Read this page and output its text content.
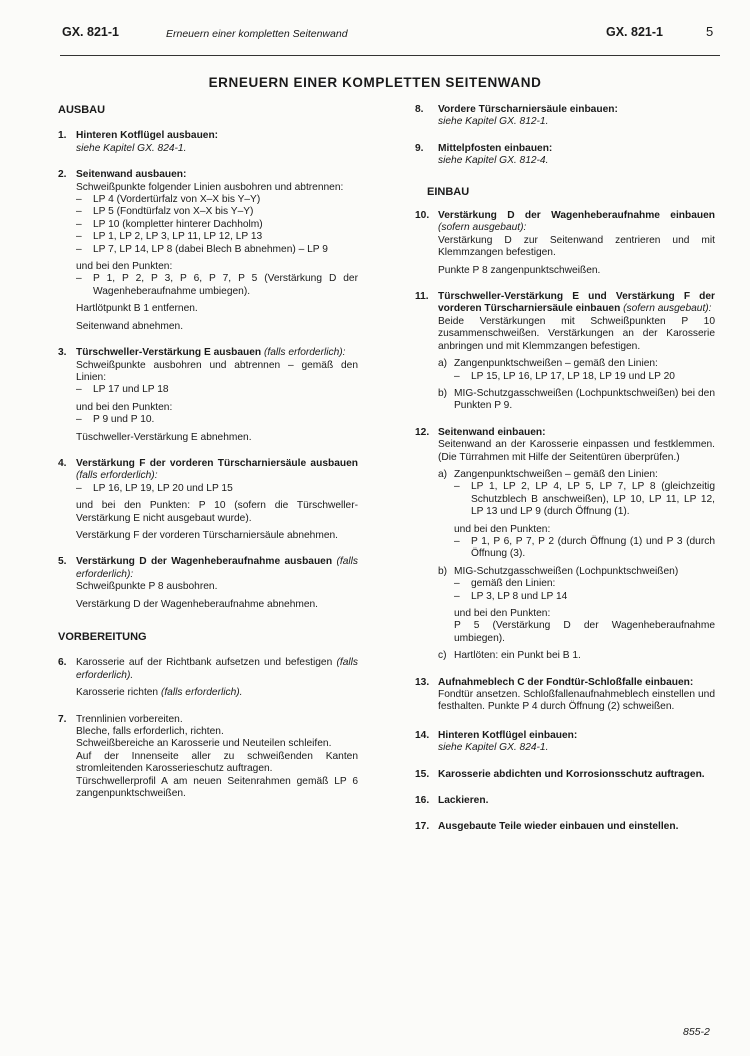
GX. 821-1	Erneuern einer kompletten Seitenwand	GX. 821-1	5
ERNEUERN EINER KOMPLETTEN SEITENWAND

AUSBAU

1. Hinteren Kotflügel ausbauen:

siehe Kapitel GX. 824-1.

2. Seitenwand ausbauen:

Schweißpunkte folgender Linien ausbohren und abtrennen:

–	LP 4 (Vordertürfalz von X–X bis Y–Y)
–	LP 5 (Fondtürfalz von X–X bis Y–Y)
–	LP 10 (kompletter hinterer Dachholm)
–	LP 1, LP 2, LP 3, LP 11, LP 12, LP 13
–	LP 7, LP 14, LP 8 (dabei Blech B abnehmen) – LP 9

und bei den Punkten:

–	P 1, P 2, P 3, P 6, P 7, P 5 (Verstärkung D der Wagenheberaufnahme umbiegen).

Hartlötpunkt B 1 entfernen.

Seitenwand abnehmen.

3. Türschweller-Verstärkung E ausbauen (falls erforderlich):

Schweißpunkte ausbohren und abtrennen – gemäß den Linien:

–	LP 17 und LP 18

und bei den Punkten:

–	P 9 und P 10.

Tüschweller-Verstärkung E abnehmen.

4. Verstärkung F der vorderen Türscharniersäule ausbauen (falls erforderlich):

–	LP 16, LP 19, LP 20 und LP 15

und bei den Punkten: P 10 (sofern die Türschweller-Verstärkung E nicht ausgebaut wurde).

Verstärkung F der vorderen Türscharniersäule abnehmen.

5. Verstärkung D der Wagenheberaufnahme ausbauen (falls erforderlich):

Schweißpunkte P 8 ausbohren.

Verstärkung D der Wagenheberaufnahme abnehmen.

VORBEREITUNG

6. Karosserie auf der Richtbank aufsetzen und befestigen (falls erforderlich).

Karosserie richten (falls erforderlich).

7. Trennlinien vorbereiten.

Bleche, falls erforderlich, richten.

Schweißbereiche an Karosserie und Neuteilen schleifen.

Auf der Innenseite aller zu schweißenden Kanten stromleitenden Karosserieschutz auftragen.

Türschwellerprofil A am neuen Seitenrahmen gemäß LP 6 zangenpunktschweißen.

8.	Vordere Türscharniersäule einbauen:

siehe Kapitel GX. 812-1.

9.	Mittelpfosten einbauen:

siehe Kapitel GX. 812-4.

EINBAU

10. Verstärkung D der Wagenheberaufnahme einbauen (sofern ausgebaut):

Verstärkung D zur Seitenwand zentrieren und mit Klemmzangen befestigen.

Punkte P 8 zangenpunktschweißen.

11. Türschweller-Verstärkung E und Verstärkung F der vorderen Türscharniersäule einbauen (sofern ausgebaut):

Beide Verstärkungen mit Schweißpunkten P 10 zusammenschweißen. Verstärkungen an der Karosserie anbringen und mit Klemmzangen befestigen.

a) Zangenpunktschweißen – gemäß den Linien:

–	LP 15, LP 16, LP 17, LP 18, LP 19 und LP 20
b) MIG-Schutzgasschweißen (Lochpunktschweißen) bei den Punkten P 9.

12. Seitenwand einbauen:

Seitenwand an der Karosserie einpassen und festklemmen. (Die Türrahmen mit Hilfe der Seitentüren überprüfen.)

a) Zangenpunktschweißen – gemäß den Linien:

–	LP 1, LP 2, LP 4, LP 5, LP 7, LP 8 (gleichzeitig Schutzblech B anschweißen), LP 10, LP 11, LP 12, LP 13 und LP 9 (durch Öffnung (1).

und bei den Punkten:

–	P 1, P 6, P 7, P 2 (durch Öffnung (1) und P 3 (durch Öffnung (3).
b) MIG-Schutzgasschweißen (Lochpunktschweißen)

–	gemäß den Linien:
–	LP 3, LP 8 und LP 14

und bei den Punkten:

P 5 (Verstärkung D der Wagenheberaufnahme umbiegen).

c) Hartlöten: ein Punkt bei B 1.

13. Aufnahmeblech C der Fondtür-Schloßfalle einbauen:

Fondtür ansetzen. Schloßfallenaufnahmeblech einstellen und festhalten. Punkte P 4 durch Öffnung (2) schweißen.

14. Hinteren Kotflügel einbauen:

siehe Kapitel GX. 824-1.

15. Karosserie abdichten und Korrosionsschutz auftragen.

16. Lackieren.

17. Ausgebaute Teile wieder einbauen und einstellen.

855-2
